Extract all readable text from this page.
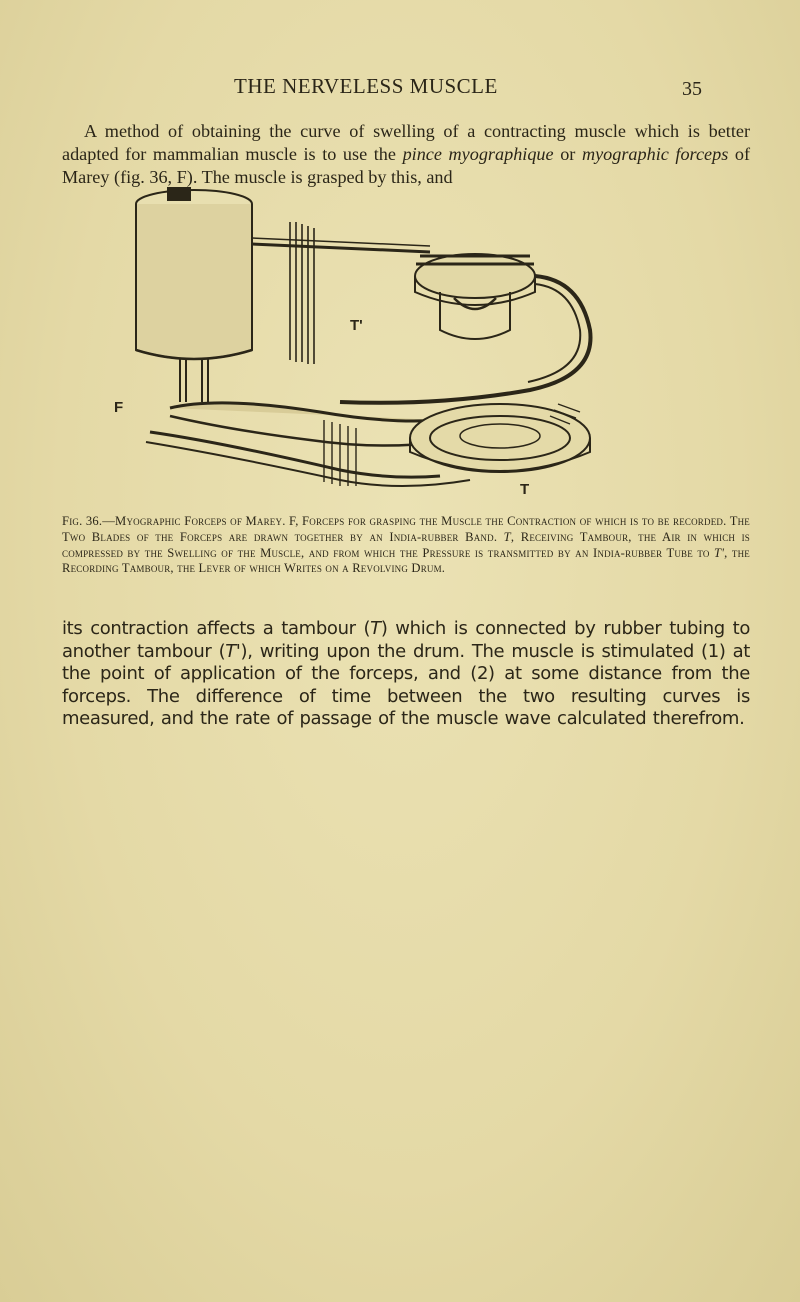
THE NERVELESS MUSCLE	35

A method of obtaining the curve of swelling of a contracting muscle which is better adapted for mammalian muscle is to use the pince myographique or myographic forceps of Marey (fig. 36, F). The muscle is grasped by this, and

T'
F
T

Fig. 36.—Myographic Forceps of Marey. F, Forceps for grasping the Muscle the Contraction of which is to be recorded. The Two Blades of the Forceps are drawn together by an India-rubber Band. T, Receiving Tambour, the Air in which is compressed by the Swelling of the Muscle, and from which the Pressure is transmitted by an India-rubber Tube to T', the Recording Tambour, the Lever of which Writes on a Revolving Drum.

its contraction affects a tambour (T) which is connected by rubber tubing to another tambour (T'), writing upon the drum. The muscle is stimulated (1) at the point of application of the forceps, and (2) at some distance from the forceps. The difference of time between the two resulting curves is measured, and the rate of passage of the muscle wave calculated therefrom.
